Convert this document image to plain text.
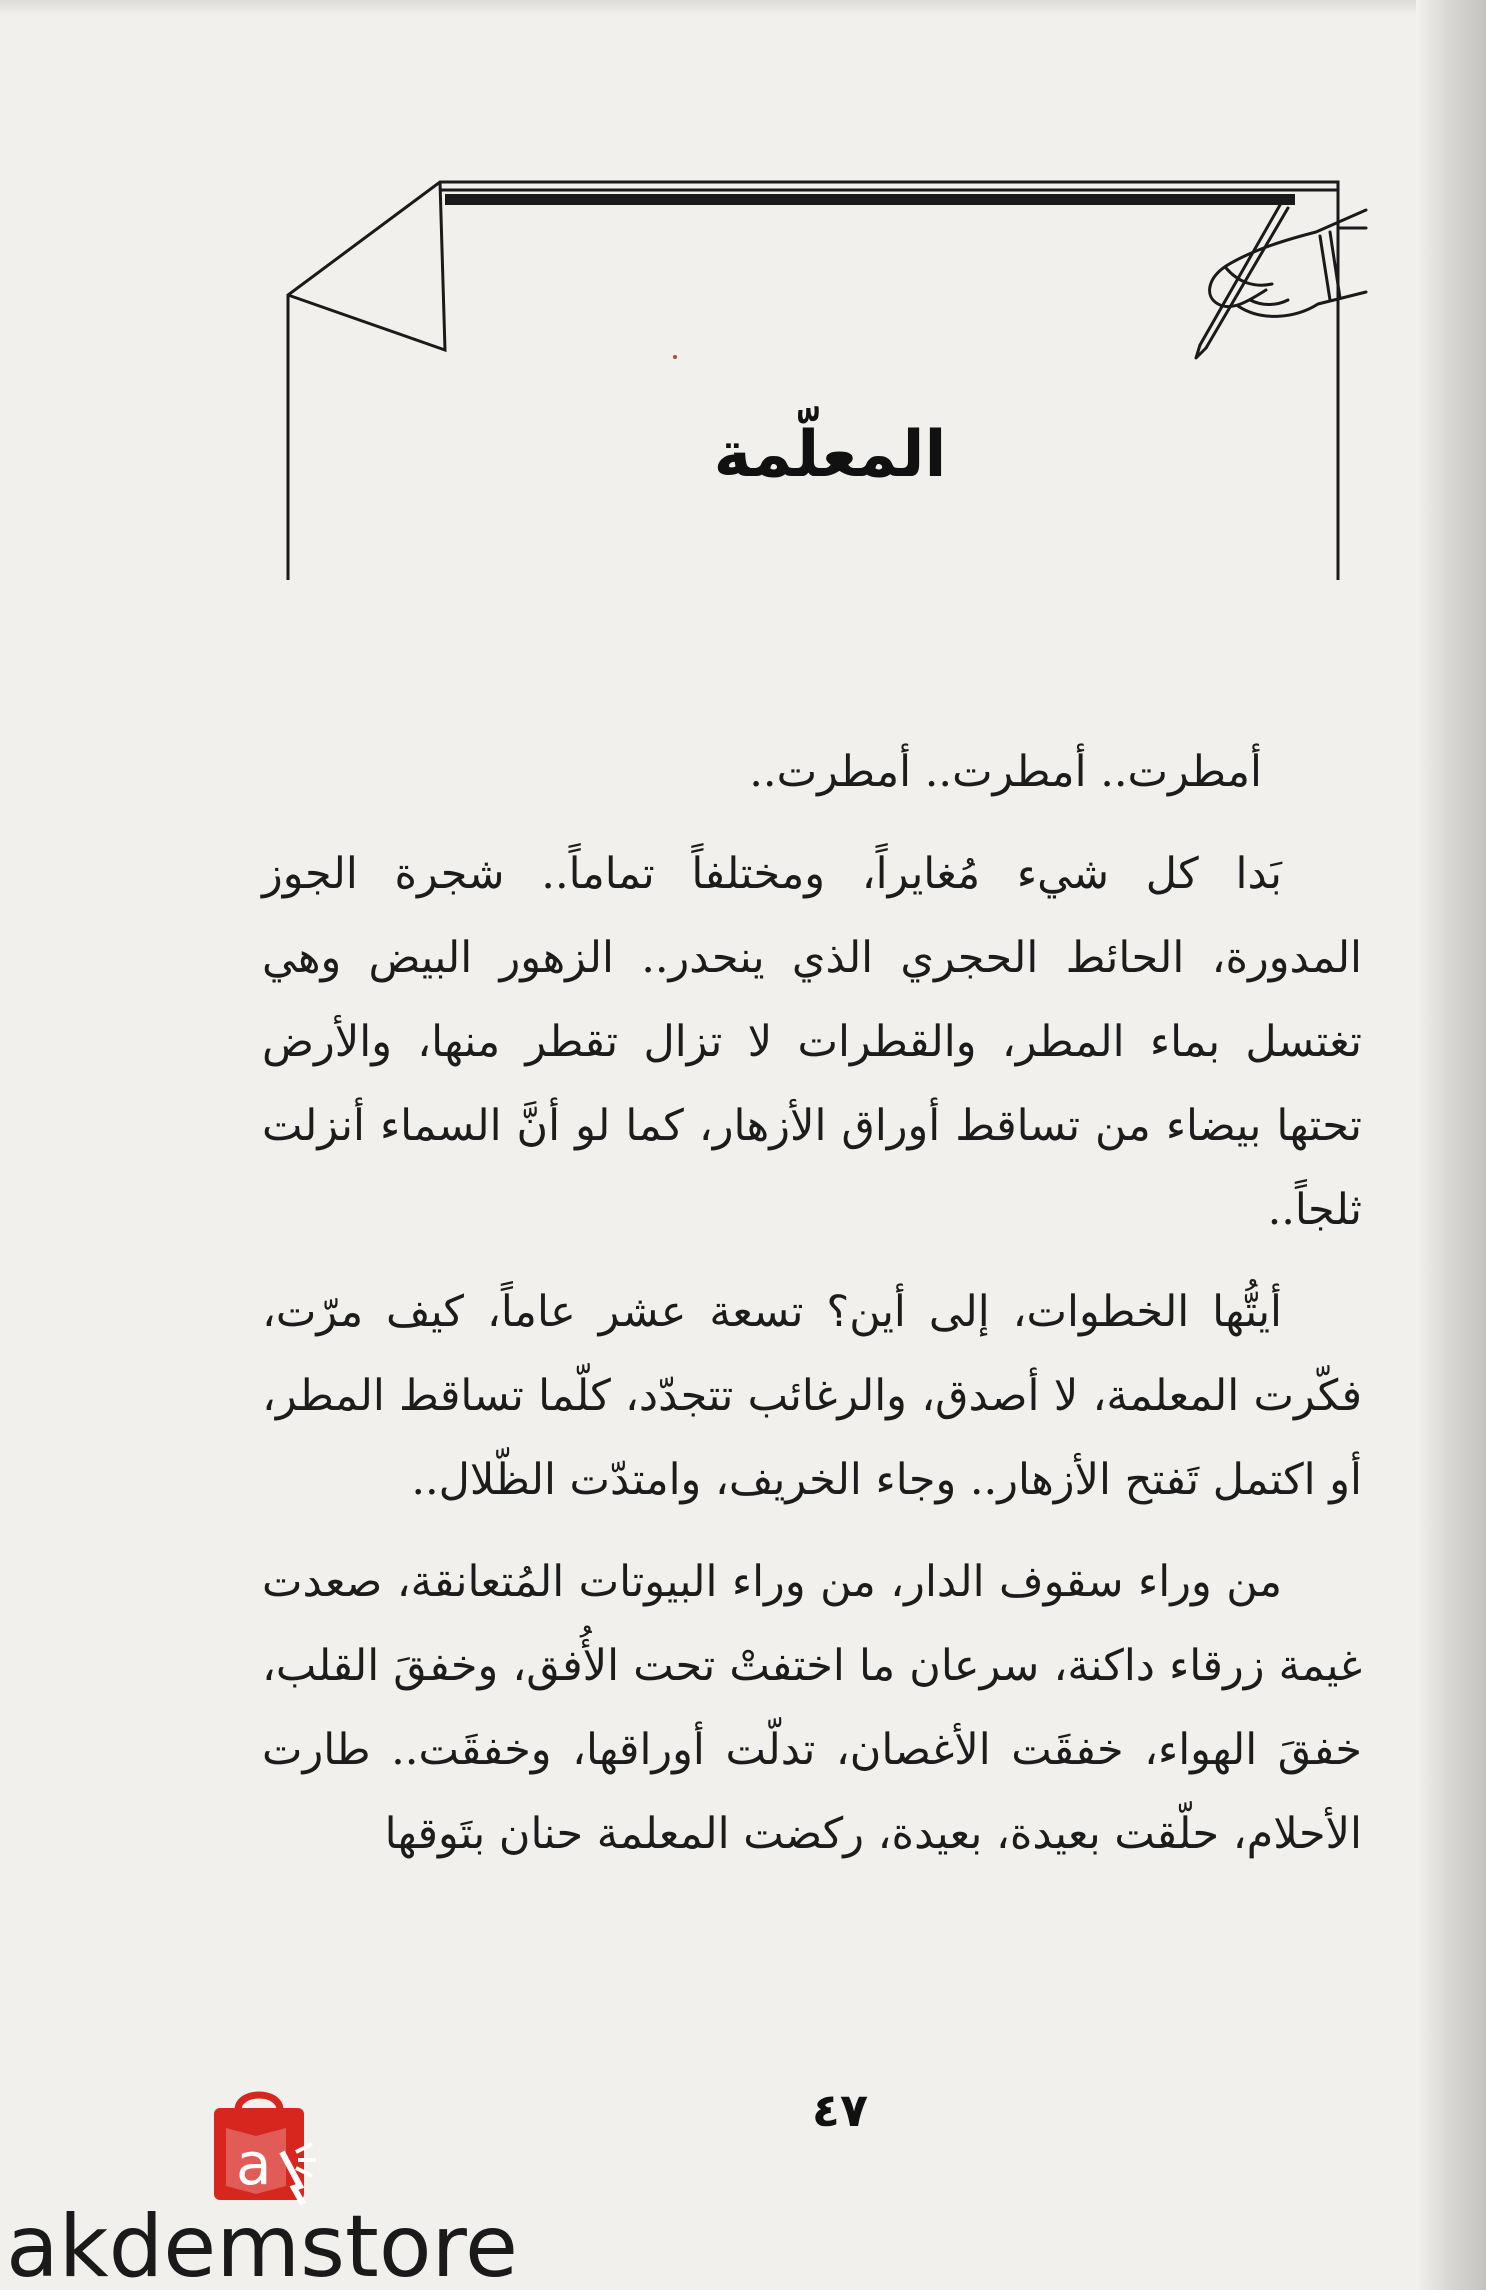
المعلّمة

أمطرت.. أمطرت.. أمطرت..

بَدا كل شيء مُغايراً، ومختلفاً تماماً.. شجرة الجوز المدورة، الحائط الحجري الذي ينحدر.. الزهور البيض وهي تغتسل بماء المطر، والقطرات لا تزال تقطر منها، والأرض تحتها بيضاء من تساقط أوراق الأزهار، كما لو أنَّ السماء أنزلت ثلجاً..

أيتُّها الخطوات، إلى أين؟ تسعة عشر عاماً، كيف مرّت، فكّرت المعلمة، لا أصدق، والرغائب تتجدّد، كلّما تساقط المطر، أو اكتمل تَفتح الأزهار.. وجاء الخريف، وامتدّت الظّلال..

من وراء سقوف الدار، من وراء البيوتات المُتعانقة، صعدت غيمة زرقاء داكنة، سرعان ما اختفتْ تحت الأُفق، وخفقَ القلب، خفقَ الهواء، خفقَت الأغصان، تدلّت أوراقها، وخفقَت.. طارت الأحلام، حلّقت بعيدة، بعيدة، ركضت المعلمة حنان بتَوقها

٤٧
a
akdemstore
